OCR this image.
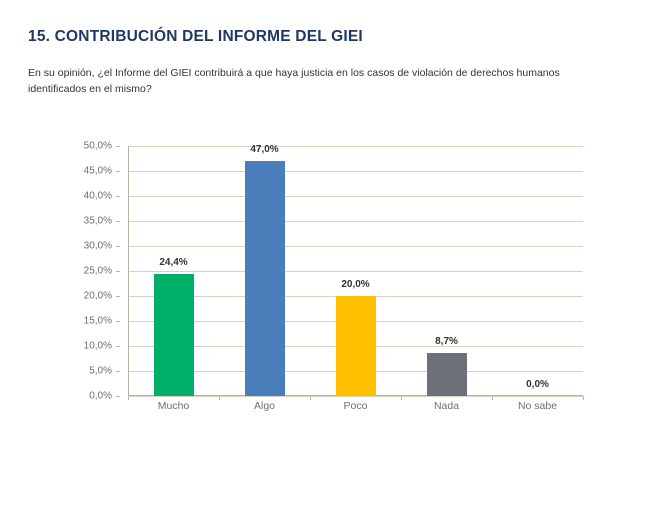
15. CONTRIBUCIÓN DEL INFORME DEL GIEI
En su opinión, ¿el Informe del GIEI contribuirá a que haya justicia en los casos de violación de derechos humanos identificados en el mismo?
0,0%
5,0%
10,0%
15,0%
20,0%
25,0%
30,0%
35,0%
40,0%
45,0%
50,0%
Mucho	Algo	Poco	Nada	No sabe
24,4%
47,0%
20,0%
8,7%
0,0%
